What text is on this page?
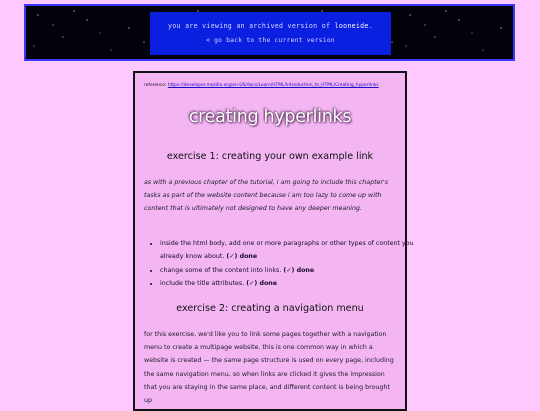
you are viewing an archived version of looneide.
< go back to the current version
reference: https://developer.mozilla.org/en-US/docs/Learn/HTML/Introduction_to_HTML/Creating_hyperlinks
creating hyperlinks
exercise 1: creating your own example link
as with a previous chapter of the tutorial, i am going to include this chapter's tasks as part of the website content because i am too lazy to come up with content that is ultimately not designed to have any deeper meaning.
• inside the html body, add one or more paragraphs or other types of content you already know about. (✓) done
• change some of the content into links. (✓) done
• include the title attributes. (✓) done
exercise 2: creating a navigation menu
for this exercise, we'd like you to link some pages together with a navigation menu to create a multipage website. this is one common way in which a website is created — the same page structure is used on every page, including the same navigation menu, so when links are clicked it gives the impression that you are staying in the same place, and different content is being brought up
